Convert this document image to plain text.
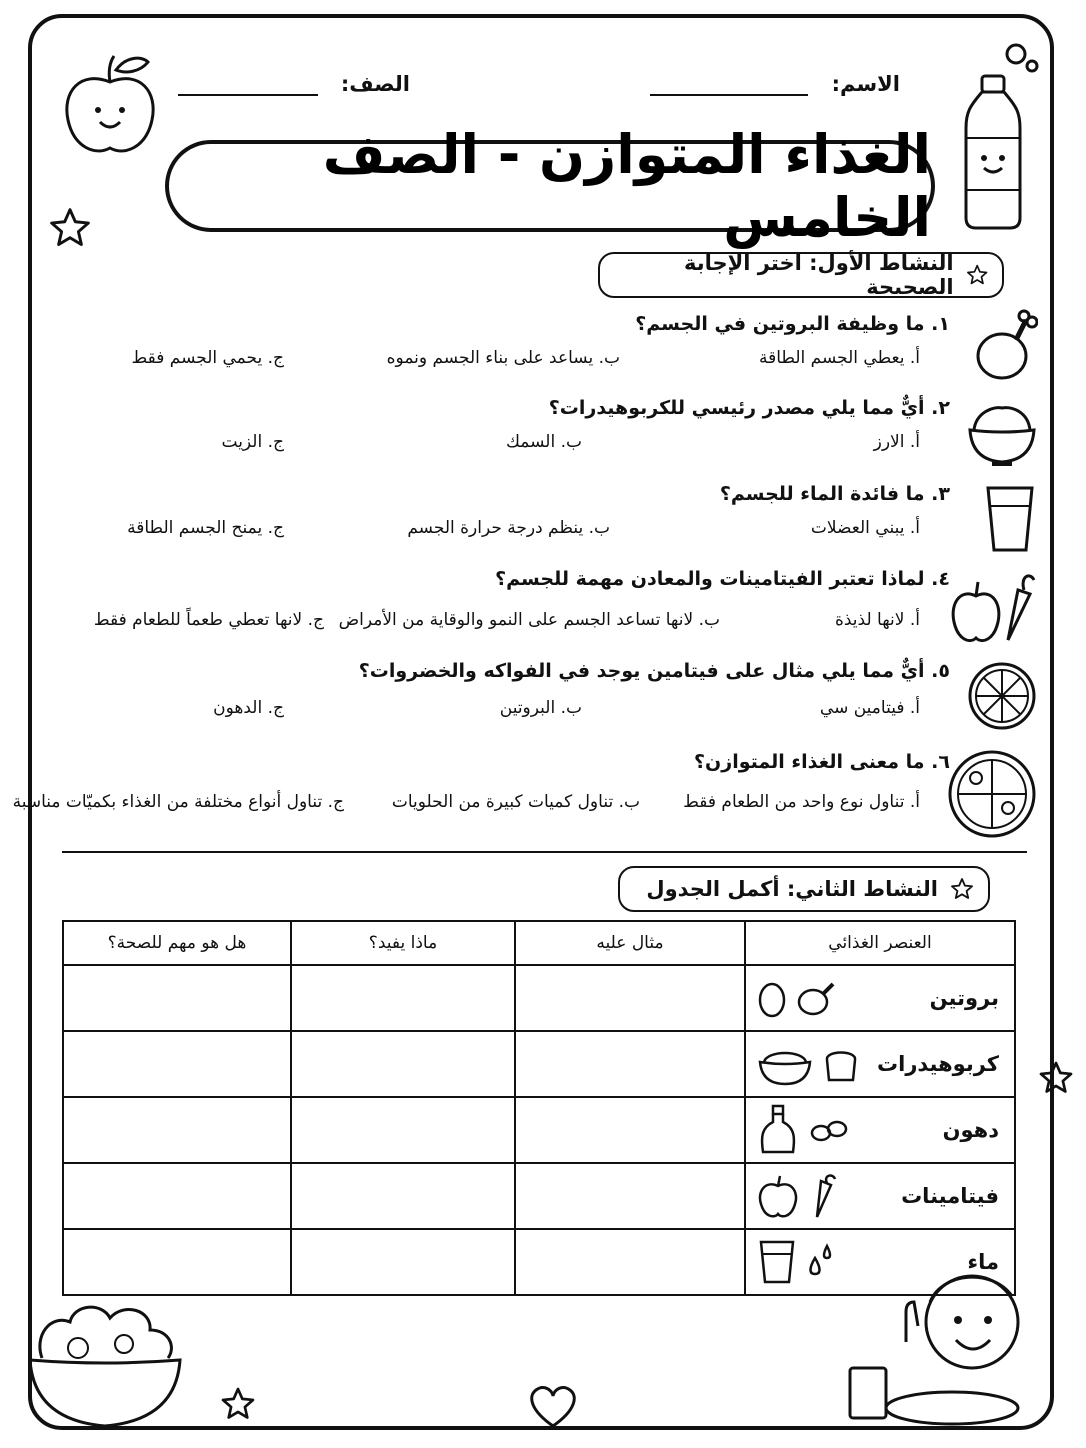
الاسم:
الصف:
الغذاء المتوازن - الصف الخامس
النشاط الأول: اختر الإجابة الصحيحة
١. ما وظيفة البروتين في الجسم؟
أ. يعطي الجسم الطاقة
ب. يساعد على بناء الجسم ونموه
ج. يحمي الجسم فقط
٢. أيٌّ مما يلي مصدر رئيسي للكربوهيدرات؟
أ. الارز
ب. السمك
ج. الزيت
٣. ما فائدة الماء للجسم؟
أ. يبني العضلات
ب. ينظم درجة حرارة الجسم
ج. يمنح الجسم الطاقة
٤. لماذا تعتبر الفيتامينات والمعادن مهمة للجسم؟
أ. لانها لذيذة
ب. لانها تساعد الجسم على النمو والوقاية من الأمراض
ج. لانها تعطي طعماً للطعام فقط
٥. أيٌّ مما يلي مثال على فيتامين يوجد في الفواكه والخضروات؟
أ. فيتامين سي
ب. البروتين
ج. الدهون
٦. ما معنى الغذاء المتوازن؟
أ. تناول نوع واحد من الطعام فقط
ب. تناول كميات كبيرة من الحلويات
ج. تناول أنواع مختلفة من الغذاء بكميّات مناسبة
النشاط الثاني: أكمل الجدول
العنصر الغذائي	مثال عليه	ماذا يفيد؟	هل هو مهم للصحة؟

بروتين			

كربوهيدرات			

دهون			

فيتامينات			

ماء			
